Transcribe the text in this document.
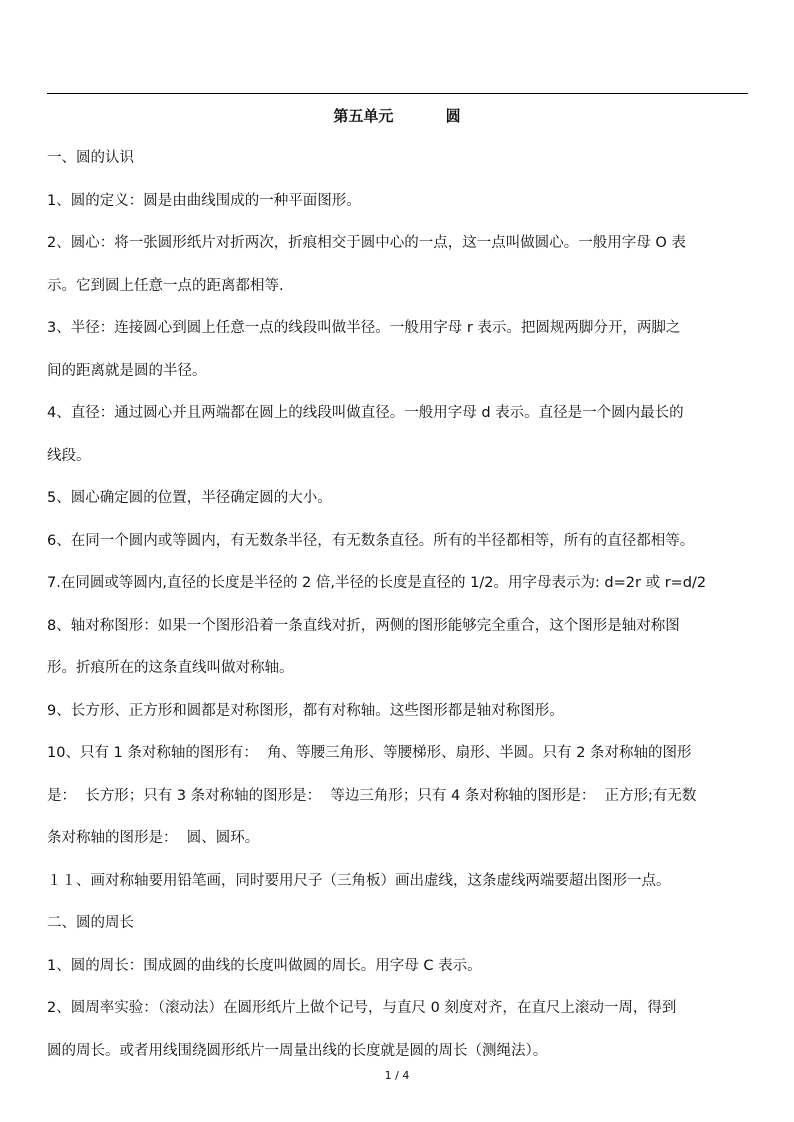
第五单元          圆
一、圆的认识
1、圆的定义：圆是由曲线围成的一种平面图形。
2、圆心：将一张圆形纸片对折两次，折痕相交于圆中心的一点，这一点叫做圆心。一般用字母 O 表
示。它到圆上任意一点的距离都相等.
3、半径：连接圆心到圆上任意一点的线段叫做半径。一般用字母 r 表示。把圆规两脚分开，两脚之
间的距离就是圆的半径。
4、直径：通过圆心并且两端都在圆上的线段叫做直径。一般用字母 d 表示。直径是一个圆内最长的
线段。
5、圆心确定圆的位置，半径确定圆的大小。
6、在同一个圆内或等圆内，有无数条半径，有无数条直径。所有的半径都相等，所有的直径都相等。
7.在同圆或等圆内,直径的长度是半径的 2 倍,半径的长度是直径的 1/2。用字母表示为: d=2r 或 r=d/2
8、轴对称图形：如果一个图形沿着一条直线对折，两侧的图形能够完全重合，这个图形是轴对称图
形。折痕所在的这条直线叫做对称轴。
9、长方形、正方形和圆都是对称图形，都有对称轴。这些图形都是轴对称图形。
10、只有 1 条对称轴的图形有：  角、等腰三角形、等腰梯形、扇形、半圆。只有 2 条对称轴的图形
是：  长方形；只有 3 条对称轴的图形是：  等边三角形；只有 4 条对称轴的图形是：  正方形;有无数
条对称轴的图形是：  圆、圆环。
１１、画对称轴要用铅笔画，同时要用尺子（三角板）画出虚线，这条虚线两端要超出图形一点。
二、圆的周长
1、圆的周长：围成圆的曲线的长度叫做圆的周长。用字母 C 表示。
2、圆周率实验：（滚动法）在圆形纸片上做个记号，与直尺 0 刻度对齐，在直尺上滚动一周，得到
圆的周长。或者用线围绕圆形纸片一周量出线的长度就是圆的周长（测绳法）。
1 / 4
